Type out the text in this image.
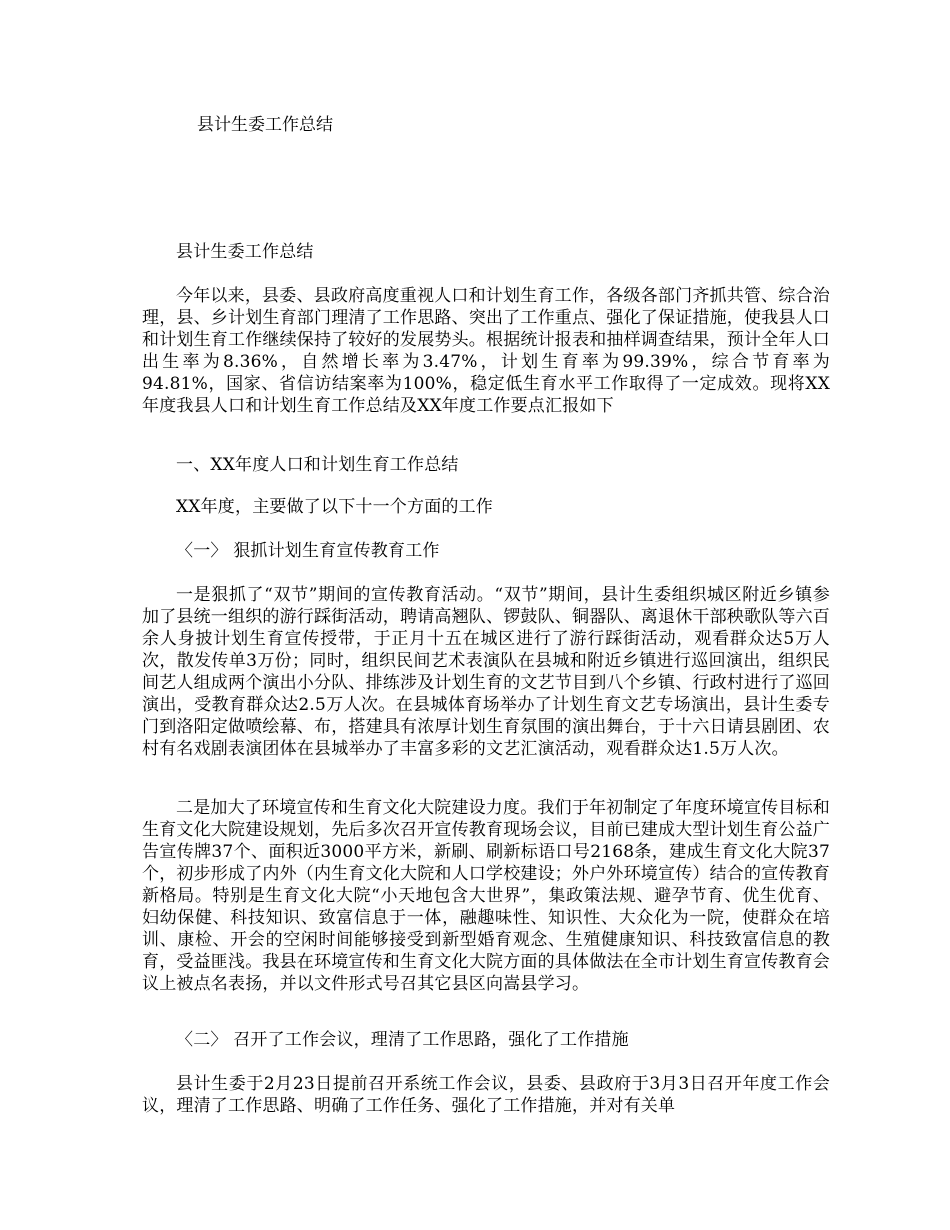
县计生委工作总结
县计生委工作总结
今年以来，县委、县政府高度重视人口和计划生育工作，各级各部门齐抓共管、综合治理，县、乡计划生育部门理清了工作思路、突出了工作重点、强化了保证措施，使我县人口和计划生育工作继续保持了较好的发展势头。根据统计报表和抽样调查结果，预计全年人口出生率为8.36%，自然增长率为3.47%，计划生育率为99.39%，综合节育率为94.81%，国家、省信访结案率为100%，稳定低生育水平工作取得了一定成效。现将XX年度我县人口和计划生育工作总结及XX年度工作要点汇报如下
一、XX年度人口和计划生育工作总结
XX年度，主要做了以下十一个方面的工作
〈一〉 狠抓计划生育宣传教育工作
一是狠抓了“双节”期间的宣传教育活动。“双节”期间，县计生委组织城区附近乡镇参加了县统一组织的游行踩街活动，聘请高翘队、锣鼓队、铜器队、离退休干部秧歌队等六百余人身披计划生育宣传授带，于正月十五在城区进行了游行踩街活动，观看群众达5万人次，散发传单3万份；同时，组织民间艺术表演队在县城和附近乡镇进行巡回演出，组织民间艺人组成两个演出小分队、排练涉及计划生育的文艺节目到八个乡镇、行政村进行了巡回演出，受教育群众达2.5万人次。在县城体育场举办了计划生育文艺专场演出，县计生委专门到洛阳定做喷绘幕、布，搭建具有浓厚计划生育氛围的演出舞台，于十六日请县剧团、农村有名戏剧表演团体在县城举办了丰富多彩的文艺汇演活动，观看群众达1.5万人次。
二是加大了环境宣传和生育文化大院建设力度。我们于年初制定了年度环境宣传目标和生育文化大院建设规划，先后多次召开宣传教育现场会议，目前已建成大型计划生育公益广告宣传牌37个、面积近3000平方米，新刷、刷新标语口号2168条，建成生育文化大院37个，初步形成了内外（内生育文化大院和人口学校建设；外户外环境宣传）结合的宣传教育新格局。特别是生育文化大院“小天地包含大世界”，集政策法规、避孕节育、优生优育、妇幼保健、科技知识、致富信息于一体，融趣味性、知识性、大众化为一院，使群众在培训、康检、开会的空闲时间能够接受到新型婚育观念、生殖健康知识、科技致富信息的教育，受益匪浅。我县在环境宣传和生育文化大院方面的具体做法在全市计划生育宣传教育会议上被点名表扬，并以文件形式号召其它县区向嵩县学习。
〈二〉 召开了工作会议，理清了工作思路，强化了工作措施
县计生委于2月23日提前召开系统工作会议，县委、县政府于3月3日召开年度工作会议，理清了工作思路、明确了工作任务、强化了工作措施，并对有关单
